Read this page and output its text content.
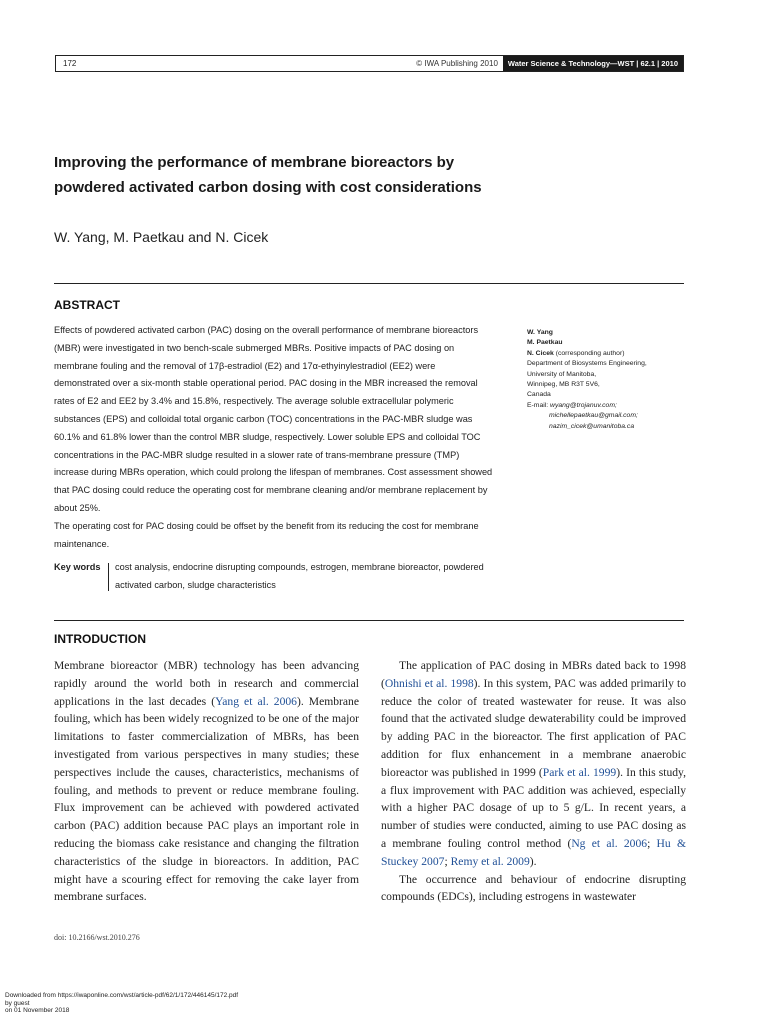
172	© IWA Publishing 2010	Water Science & Technology—WST | 62.1 | 2010
Improving the performance of membrane bioreactors by powdered activated carbon dosing with cost considerations
W. Yang, M. Paetkau and N. Cicek
ABSTRACT

Effects of powdered activated carbon (PAC) dosing on the overall performance of membrane bioreactors (MBR) were investigated in two bench-scale submerged MBRs. Positive impacts of PAC dosing on membrane fouling and the removal of 17β-estradiol (E2) and 17α-ethyinylestradiol (EE2) were demonstrated over a six-month stable operational period. PAC dosing in the MBR increased the removal rates of E2 and EE2 by 3.4% and 15.8%, respectively. The average soluble extracellular polymeric substances (EPS) and colloidal total organic carbon (TOC) concentrations in the PAC-MBR sludge was 60.1% and 61.8% lower than the control MBR sludge, respectively. Lower soluble EPS and colloidal TOC concentrations in the PAC-MBR sludge resulted in a slower rate of trans-membrane pressure (TMP) increase during MBRs operation, which could prolong the lifespan of membranes. Cost assessment showed that PAC dosing could reduce the operating cost for membrane cleaning and/or membrane replacement by about 25%.

The operating cost for PAC dosing could be offset by the benefit from its reducing the cost for membrane maintenance.

Key words	cost analysis, endocrine disrupting compounds, estrogen, membrane bioreactor, powdered activated carbon, sludge characteristics
W. Yang
M. Paetkau
N. Cicek (corresponding author)
Department of Biosystems Engineering,
University of Manitoba,
Winnipeg, MB R3T 5V6,
Canada
E-mail: wyang@trojanuv.com;
michellepaetkau@gmail.com;
nazim_cicek@umanitoba.ca
INTRODUCTION

Membrane bioreactor (MBR) technology has been advancing rapidly around the world both in research and commercial applications in the last decades (Yang et al. 2006). Membrane fouling, which has been widely recognized to be one of the major limitations to faster commercialization of MBRs, has been investigated from various perspectives in many studies; these perspectives include the causes, characteristics, mechanisms of fouling, and methods to prevent or reduce membrane fouling. Flux improvement can be achieved with powdered activated carbon (PAC) addition because PAC plays an important role in reducing the biomass cake resistance and changing the filtration characteristics of the sludge in bioreactors. In addition, PAC might have a scouring effect for removing the cake layer from membrane surfaces.

The application of PAC dosing in MBRs dated back to 1998 (Ohnishi et al. 1998). In this system, PAC was added primarily to reduce the color of treated wastewater for reuse. It was also found that the activated sludge dewaterability could be improved by adding PAC in the bioreactor. The first application of PAC addition for flux enhancement in a membrane anaerobic bioreactor was published in 1999 (Park et al. 1999). In this study, a flux improvement with PAC addition was achieved, especially with a higher PAC dosage of up to 5 g/L. In recent years, a number of studies were conducted, aiming to use PAC dosing as a membrane fouling control method (Ng et al. 2006; Hu & Stuckey 2007; Remy et al. 2009).

The occurrence and behaviour of endocrine disrupting compounds (EDCs), including estrogens in wastewater

doi: 10.2166/wst.2010.276
Downloaded from https://iwaponline.com/wst/article-pdf/62/1/172/446145/172.pdf
by guest
on 01 November 2018
